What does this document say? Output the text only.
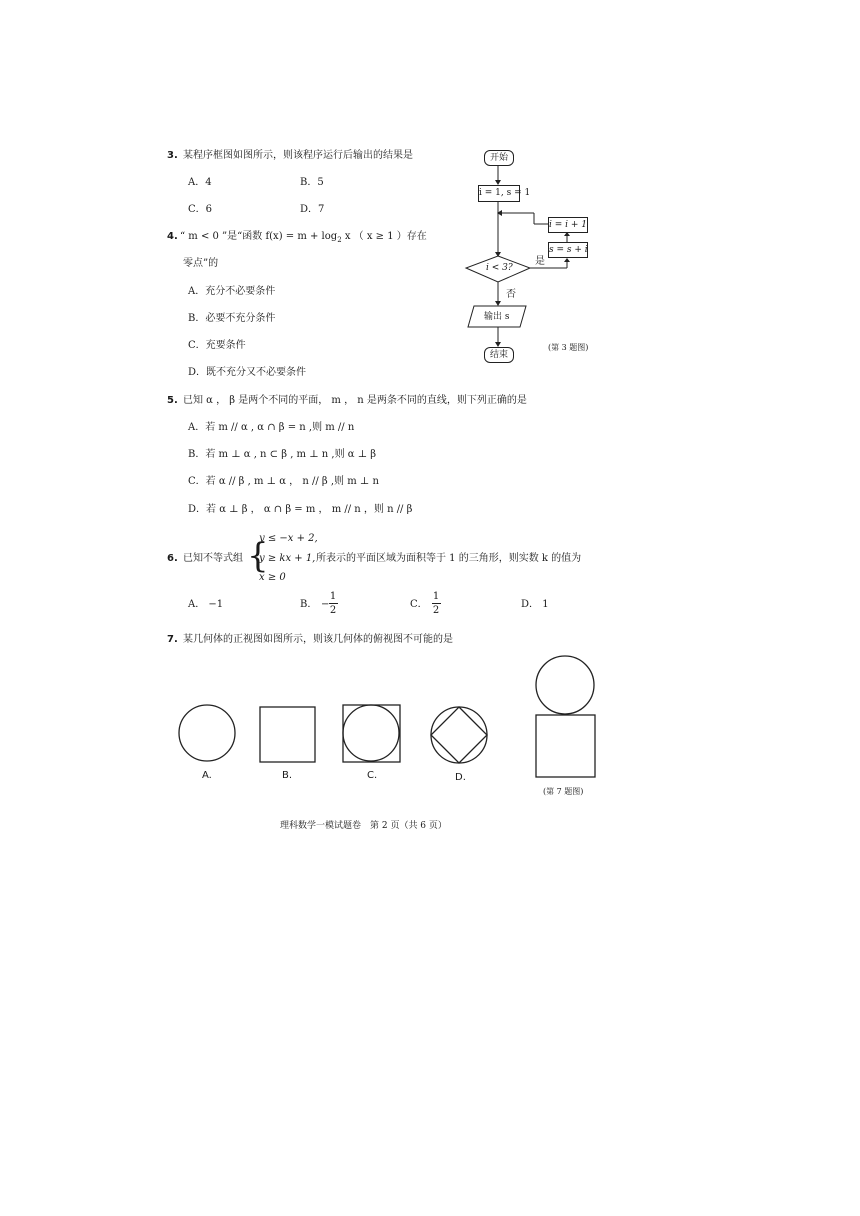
3. 某程序框图如图所示，则该程序运行后输出的结果是
A．4	B．5
C．6	D．7
开始
i = 1, s = 1
i < 3?
是
否
i = i + 1
s = s + i
输出 s
结束
(第 3 题图)
4. “ m < 0 ”是“函数 $f(x) = m + \log_2 x$ （ x ≥ 1 ）存在
零点”的
A．充分不必要条件
B．必要不充分条件
C．充要条件
D．既不充分又不必要条件
5. 已知 α ， β 是两个不同的平面， m ， n 是两条不同的直线，则下列正确的是
A．若 m // α , α ∩ β = n ,则 m // n
B．若 m ⊥ α , n ⊂ β , m ⊥ n ,则 α ⊥ β
C．若 α // β , m ⊥ α ， n // β ,则 m ⊥ n
D．若 α ⊥ β ， α ∩ β = m ， m // n ，则 n // β
6. 已知不等式组 {
y ≤ −x + 2,
y ≥ kx + 1,
x ≥ 0
所表示的平面区域为面积等于 1 的三角形，则实数 k 的值为
A． −1	B． −
1
2
C．
1
2
D． 1
7. 某几何体的正视图如图所示，则该几何体的俯视图不可能的是
A.	B.	C.	D.
(第 7 题图)
理科数学一模试题卷　第 2 页（共 6 页）
